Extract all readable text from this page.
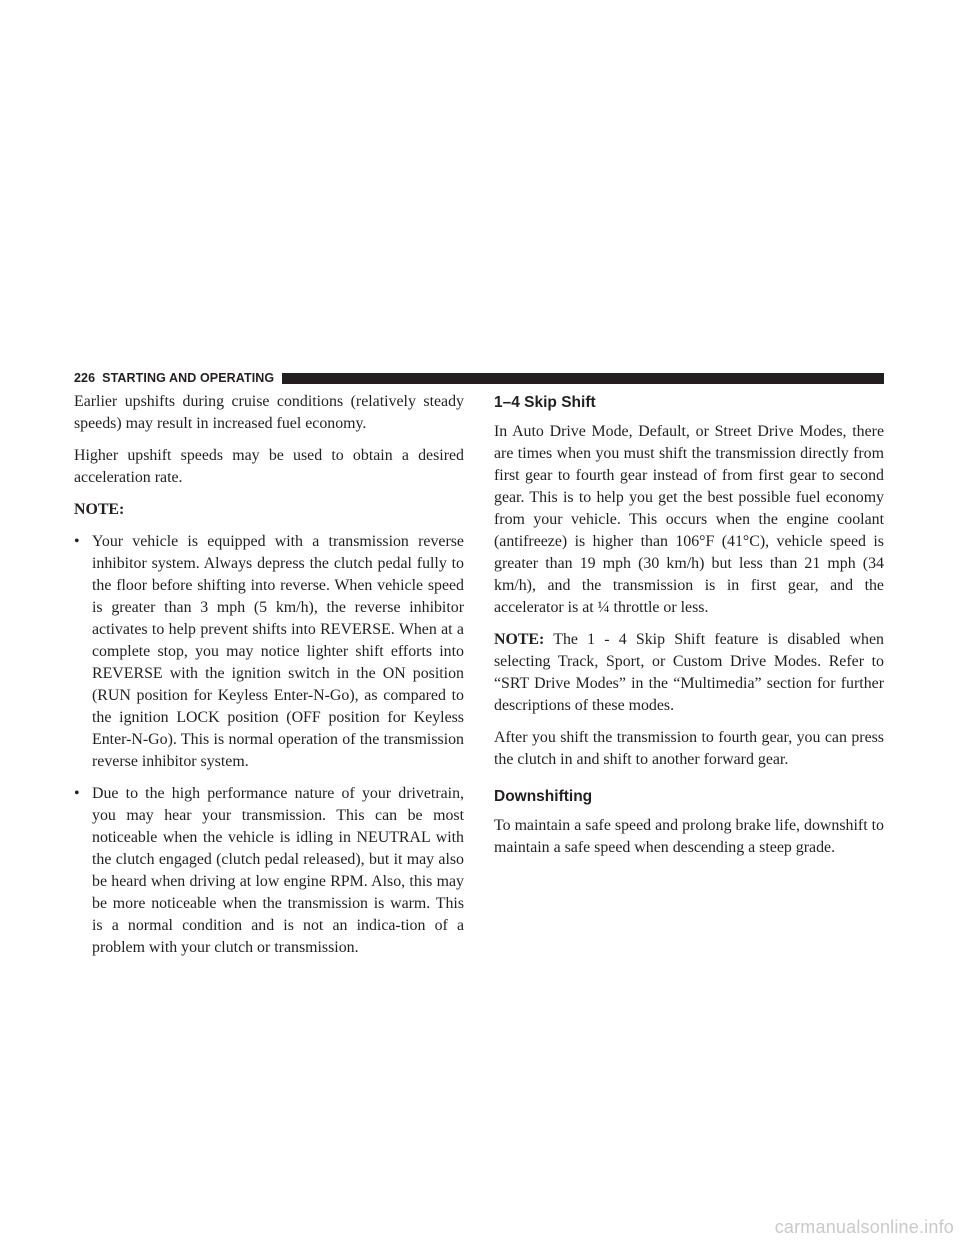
226 STARTING AND OPERATING

Earlier upshifts during cruise conditions (relatively steady speeds) may result in increased fuel economy.

Higher upshift speeds may be used to obtain a desired acceleration rate.

NOTE:
• Your vehicle is equipped with a transmission reverse inhibitor system. Always depress the clutch pedal fully to the floor before shifting into reverse. When vehicle speed is greater than 3 mph (5 km/h), the reverse inhibitor activates to help prevent shifts into REVERSE. When at a complete stop, you may notice lighter shift efforts into REVERSE with the ignition switch in the ON position (RUN position for Keyless Enter-N-Go), as compared to the ignition LOCK position (OFF position for Keyless Enter-N-Go). This is normal operation of the transmission reverse inhibitor system.
• Due to the high performance nature of your drivetrain, you may hear your transmission. This can be most noticeable when the vehicle is idling in NEUTRAL with the clutch engaged (clutch pedal released), but it may also be heard when driving at low engine RPM. Also, this may be more noticeable when the transmission is warm. This is a normal condition and is not an indica-tion of a problem with your clutch or transmission.
1–4 Skip Shift

In Auto Drive Mode, Default, or Street Drive Modes, there are times when you must shift the transmission directly from first gear to fourth gear instead of from first gear to second gear. This is to help you get the best possible fuel economy from your vehicle. This occurs when the engine coolant (antifreeze) is higher than 106°F (41°C), vehicle speed is greater than 19 mph (30 km/h) but less than 21 mph (34 km/h), and the transmission is in first gear, and the accelerator is at ¼ throttle or less.

NOTE: The 1 - 4 Skip Shift feature is disabled when selecting Track, Sport, or Custom Drive Modes. Refer to “SRT Drive Modes” in the “Multimedia” section for further descriptions of these modes.

After you shift the transmission to fourth gear, you can press the clutch in and shift to another forward gear.

Downshifting

To maintain a safe speed and prolong brake life, downshift to maintain a safe speed when descending a steep grade.

carmanualsonline.info
